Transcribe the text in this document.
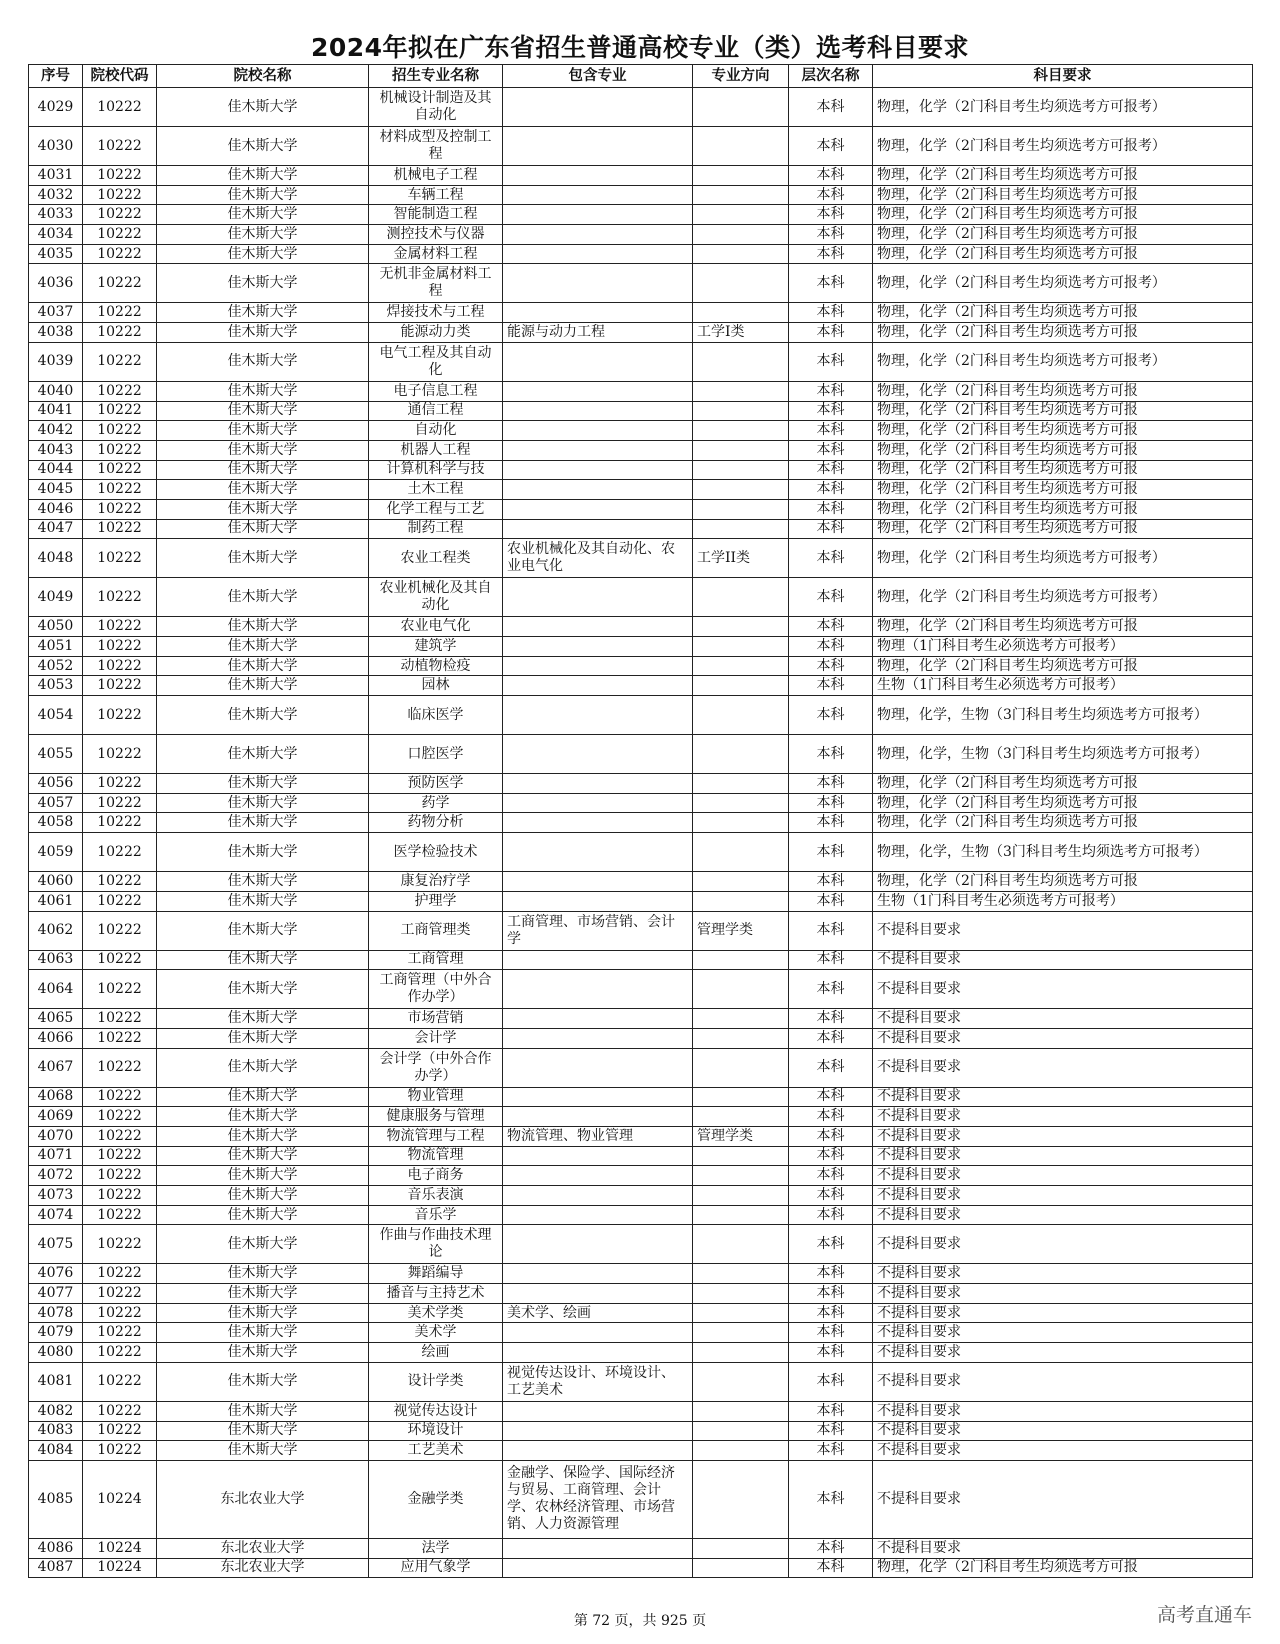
2024年拟在广东省招生普通高校专业（类）选考科目要求
序号	院校代码	院校名称	招生专业名称	包含专业	专业方向	层次名称	科目要求
4029	10222	佳木斯大学	机械设计制造及其自动化			本科	物理，化学（2门科目考生均须选考方可报考）
4030	10222	佳木斯大学	材料成型及控制工程			本科	物理，化学（2门科目考生均须选考方可报考）
4031	10222	佳木斯大学	机械电子工程			本科	物理，化学（2门科目考生均须选考方可报
4032	10222	佳木斯大学	车辆工程			本科	物理，化学（2门科目考生均须选考方可报
4033	10222	佳木斯大学	智能制造工程			本科	物理，化学（2门科目考生均须选考方可报
4034	10222	佳木斯大学	测控技术与仪器			本科	物理，化学（2门科目考生均须选考方可报
4035	10222	佳木斯大学	金属材料工程			本科	物理，化学（2门科目考生均须选考方可报
4036	10222	佳木斯大学	无机非金属材料工程			本科	物理，化学（2门科目考生均须选考方可报考）
4037	10222	佳木斯大学	焊接技术与工程			本科	物理，化学（2门科目考生均须选考方可报
4038	10222	佳木斯大学	能源动力类	能源与动力工程	工学I类	本科	物理，化学（2门科目考生均须选考方可报
4039	10222	佳木斯大学	电气工程及其自动化			本科	物理，化学（2门科目考生均须选考方可报考）
4040	10222	佳木斯大学	电子信息工程			本科	物理，化学（2门科目考生均须选考方可报
4041	10222	佳木斯大学	通信工程			本科	物理，化学（2门科目考生均须选考方可报
4042	10222	佳木斯大学	自动化			本科	物理，化学（2门科目考生均须选考方可报
4043	10222	佳木斯大学	机器人工程			本科	物理，化学（2门科目考生均须选考方可报
4044	10222	佳木斯大学	计算机科学与技			本科	物理，化学（2门科目考生均须选考方可报
4045	10222	佳木斯大学	土木工程			本科	物理，化学（2门科目考生均须选考方可报
4046	10222	佳木斯大学	化学工程与工艺			本科	物理，化学（2门科目考生均须选考方可报
4047	10222	佳木斯大学	制药工程			本科	物理，化学（2门科目考生均须选考方可报
4048	10222	佳木斯大学	农业工程类	农业机械化及其自动化、农业电气化	工学II类	本科	物理，化学（2门科目考生均须选考方可报考）
4049	10222	佳木斯大学	农业机械化及其自动化			本科	物理，化学（2门科目考生均须选考方可报考）
4050	10222	佳木斯大学	农业电气化			本科	物理，化学（2门科目考生均须选考方可报
4051	10222	佳木斯大学	建筑学			本科	物理（1门科目考生必须选考方可报考）
4052	10222	佳木斯大学	动植物检疫			本科	物理，化学（2门科目考生均须选考方可报
4053	10222	佳木斯大学	园林			本科	生物（1门科目考生必须选考方可报考）
4054	10222	佳木斯大学	临床医学			本科	物理，化学，生物（3门科目考生均须选考方可报考）
4055	10222	佳木斯大学	口腔医学			本科	物理，化学，生物（3门科目考生均须选考方可报考）
4056	10222	佳木斯大学	预防医学			本科	物理，化学（2门科目考生均须选考方可报
4057	10222	佳木斯大学	药学			本科	物理，化学（2门科目考生均须选考方可报
4058	10222	佳木斯大学	药物分析			本科	物理，化学（2门科目考生均须选考方可报
4059	10222	佳木斯大学	医学检验技术			本科	物理，化学，生物（3门科目考生均须选考方可报考）
4060	10222	佳木斯大学	康复治疗学			本科	物理，化学（2门科目考生均须选考方可报
4061	10222	佳木斯大学	护理学			本科	生物（1门科目考生必须选考方可报考）
4062	10222	佳木斯大学	工商管理类	工商管理、市场营销、会计学	管理学类	本科	不提科目要求
4063	10222	佳木斯大学	工商管理			本科	不提科目要求
4064	10222	佳木斯大学	工商管理（中外合作办学）			本科	不提科目要求
4065	10222	佳木斯大学	市场营销			本科	不提科目要求
4066	10222	佳木斯大学	会计学			本科	不提科目要求
4067	10222	佳木斯大学	会计学（中外合作办学）			本科	不提科目要求
4068	10222	佳木斯大学	物业管理			本科	不提科目要求
4069	10222	佳木斯大学	健康服务与管理			本科	不提科目要求
4070	10222	佳木斯大学	物流管理与工程	物流管理、物业管理	管理学类	本科	不提科目要求
4071	10222	佳木斯大学	物流管理			本科	不提科目要求
4072	10222	佳木斯大学	电子商务			本科	不提科目要求
4073	10222	佳木斯大学	音乐表演			本科	不提科目要求
4074	10222	佳木斯大学	音乐学			本科	不提科目要求
4075	10222	佳木斯大学	作曲与作曲技术理论			本科	不提科目要求
4076	10222	佳木斯大学	舞蹈编导			本科	不提科目要求
4077	10222	佳木斯大学	播音与主持艺术			本科	不提科目要求
4078	10222	佳木斯大学	美术学类	美术学、绘画		本科	不提科目要求
4079	10222	佳木斯大学	美术学			本科	不提科目要求
4080	10222	佳木斯大学	绘画			本科	不提科目要求
4081	10222	佳木斯大学	设计学类	视觉传达设计、环境设计、工艺美术		本科	不提科目要求
4082	10222	佳木斯大学	视觉传达设计			本科	不提科目要求
4083	10222	佳木斯大学	环境设计			本科	不提科目要求
4084	10222	佳木斯大学	工艺美术			本科	不提科目要求
4085	10224	东北农业大学	金融学类	金融学、保险学、国际经济与贸易、工商管理、会计学、农林经济管理、市场营销、人力资源管理		本科	不提科目要求
4086	10224	东北农业大学	法学			本科	不提科目要求
4087	10224	东北农业大学	应用气象学			本科	物理，化学（2门科目考生均须选考方可报
第 72 页，共 925 页	高考直通车
